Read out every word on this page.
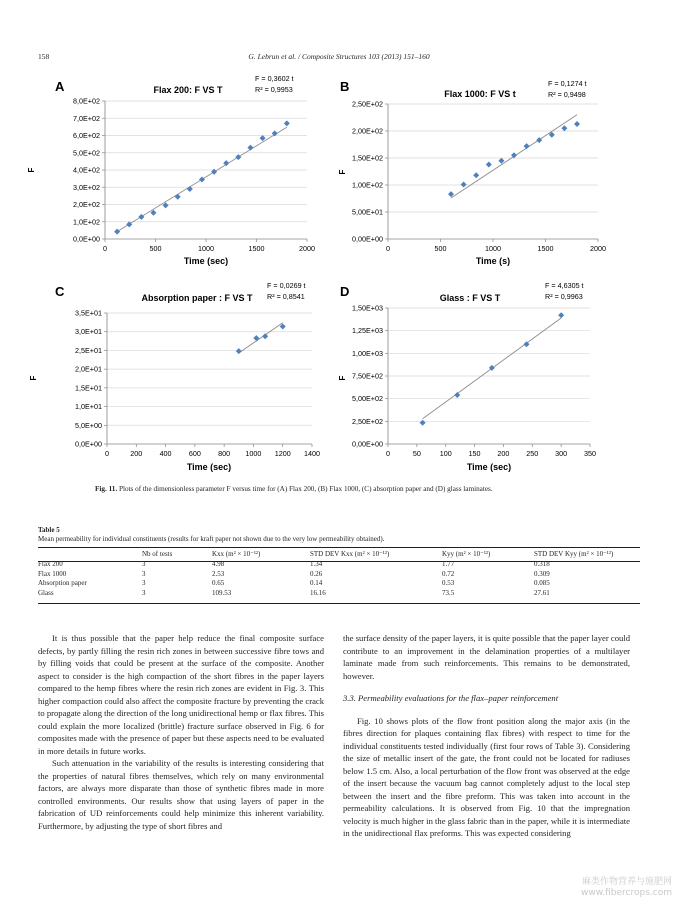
158	G. Lebrun et al. / Composite Structures 103 (2013) 151–160
0,0E+00
1,0E+02
2,0E+02
3,0E+02
4,0E+02
5,0E+02
6,0E+02
7,0E+02
8,0E+02
0	500	1000	1500	2000
A	Flax 200: F VS T
F = 0,3602 t
R² = 0,9953
Time (sec)
F
0,00E+00
5,00E+01
1,00E+02
1,50E+02
2,00E+02
2,50E+02
0	500	1000	1500	2000
B	Flax 1000: F VS t
F = 0,1274 t
R² = 0,9498
Time (s)
F
0,0E+00
5,0E+00
1,0E+01
1,5E+01
2,0E+01
2,5E+01
3,0E+01
3,5E+01
0	200 400 600 800 1000 1200 1400
C	Absorption paper : F VS T
F = 0,0269 t
R² = 0,8541
Time (sec)
F
0,00E+00
2,50E+02
5,00E+02
7,50E+02
1,00E+03
1,25E+03
1,50E+03
0	50	100 150 200 250 300 350
D	Glass : F VS T
F = 4,6305 t
R² = 0,9963
Time (sec)
F
Fig. 11. Plots of the dimensionless parameter F versus time for (A) Flax 200, (B) Flax 1000, (C) absorption paper and (D) glass laminates.
Table 5
Mean permeability for individual constituents (results for kraft paper not shown due to the very low permeability obtained).
	Nb of tests	Kxx (m² × 10⁻¹²)	STD DEV Kxx (m² × 10⁻¹²)	Kyy (m² × 10⁻¹²)	STD DEV Kyy (m² × 10⁻¹²)
Flax 200	3	4.98	1.34	1.77	0.318
Flax 1000	3	2.53	0.26	0.72	0.309
Absorption paper	3	0.65	0.14	0.53	0.085
Glass	3	109.53	16.16	73.5	27.61

It is thus possible that the paper help reduce the final composite surface defects, by partly filling the resin rich zones in between successive fibre tows and by filling voids that could be present at the surface of the composite. Another aspect to consider is the high compaction of the short fibres in the paper layers compared to the hemp fibres where the resin rich zones are evident in Fig. 3. This higher compaction could also affect the composite fracture by preventing the crack to propagate along the direction of the long unidirectional hemp or flax fibres. This could explain the more localized (brittle) fracture surface observed in Fig. 6 for composites made with the presence of paper but these aspects need to be evaluated in more details in future works.

Such attenuation in the variability of the results is interesting considering that the properties of natural fibres themselves, which rely on many environmental factors, are always more disparate than those of synthetic fibres made in more controlled environments. Our results show that using layers of paper in the fabrication of UD reinforcements could help minimize this inherent variability. Furthermore, by adjusting the type of short fibres and

the surface density of the paper layers, it is quite possible that the paper layer could contribute to an improvement in the delamination properties of a multilayer laminate made from such reinforcements. This remains to be demonstrated, however.

3.3. Permeability evaluations for the flax–paper reinforcement

Fig. 10 shows plots of the flow front position along the major axis (in the fibres direction for plaques containing flax fibres) with respect to time for the individual constituents tested individually (first four rows of Table 3). Considering the size of metallic insert of the gate, the front could not be located for radiuses below 1.5 cm. Also, a local perturbation of the flow front was observed at the edge of the insert because the vacuum bag cannot completely adjust to the local step between the insert and the fibre preform. This was taken into account in the permeability calculations. It is observed from Fig. 10 that the impregnation velocity is much higher in the glass fabric than in the paper, while it is intermediate in the unidirectional flax preforms. This was expected considering

麻类作物营养与施肥网
www.fibercrops.com
